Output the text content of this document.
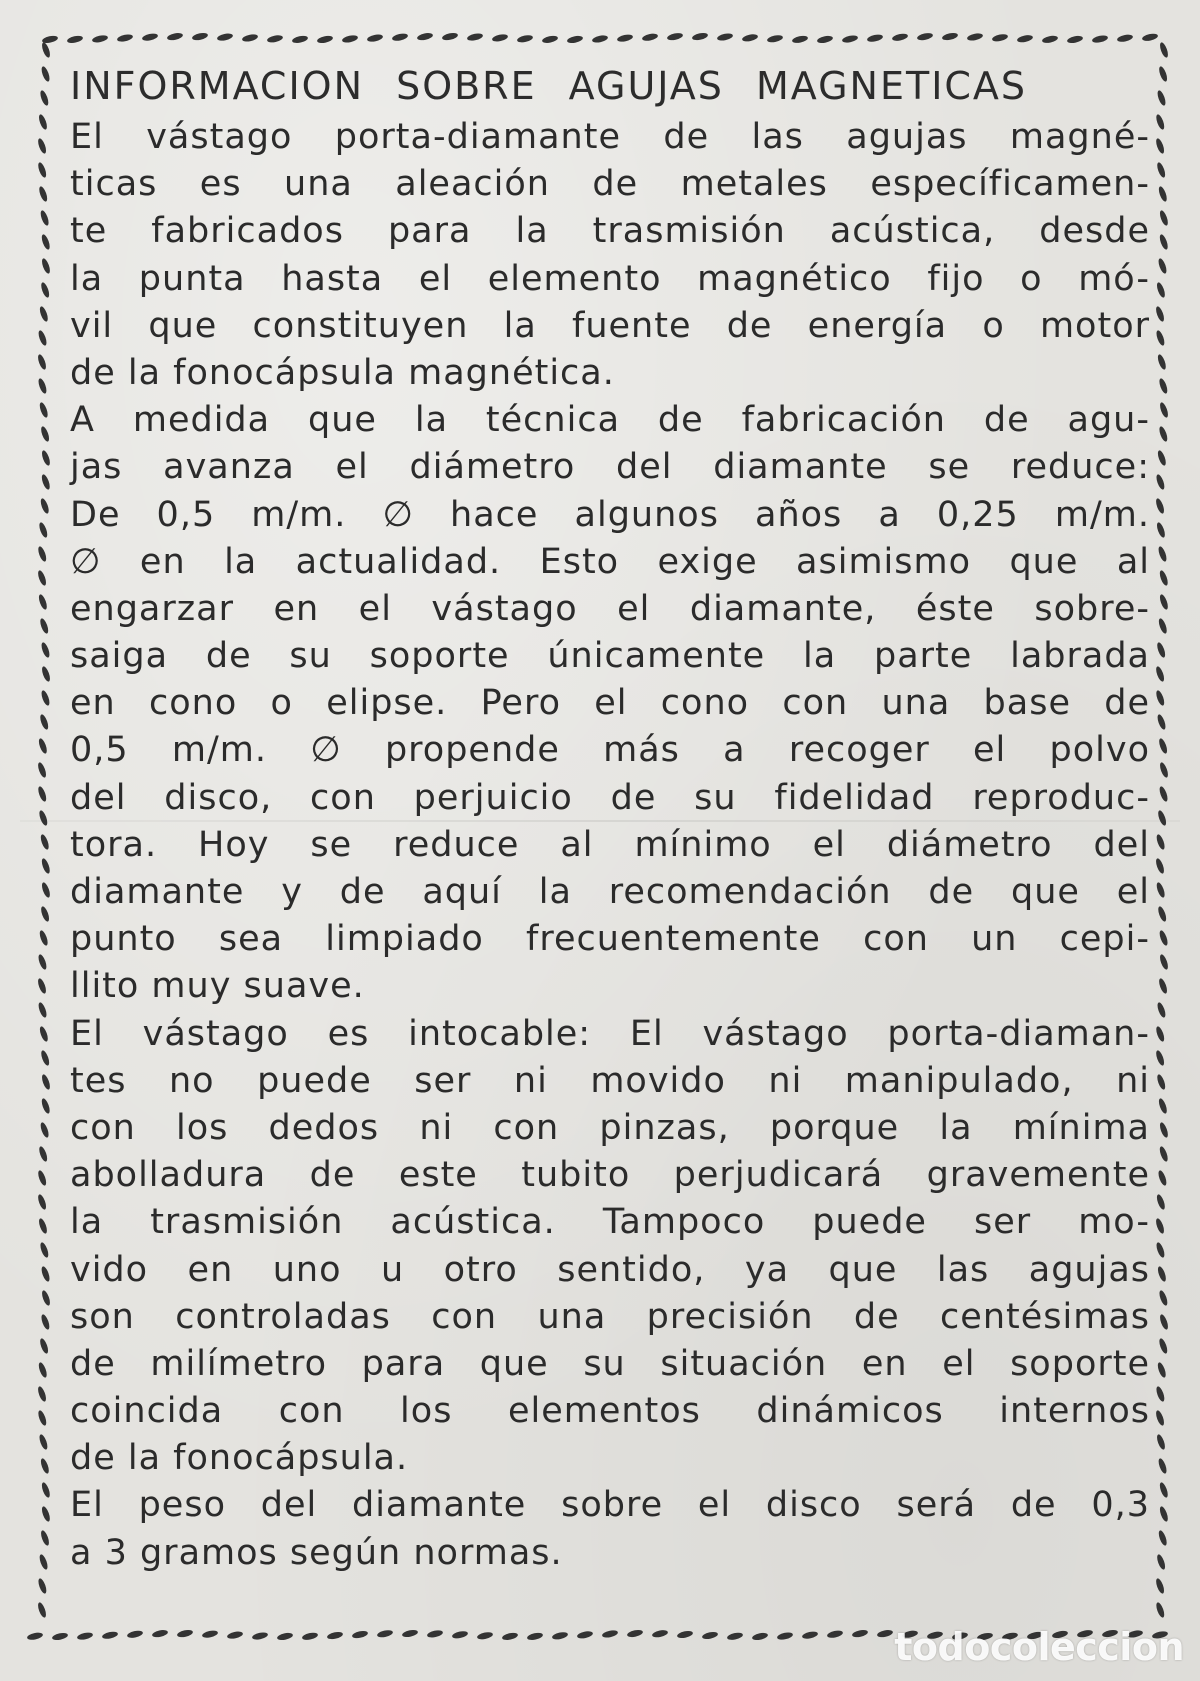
INFORMACION SOBRE AGUJAS MAGNETICAS
El vástago porta-diamante de las agujas magné-
ticas es una aleación de metales específicamen-
te fabricados para la trasmisión acústica, desde
la punta hasta el elemento magnético fijo o mó-
vil que constituyen la fuente de energía o motor
de la fonocápsula magnética.
A medida que la técnica de fabricación de agu-
jas avanza el diámetro del diamante se reduce:
De 0,5 m/m. ∅ hace algunos años a 0,25 m/m.
∅ en la actualidad. Esto exige asimismo que al
engarzar en el vástago el diamante, éste sobre-
saiga de su soporte únicamente la parte labrada
en cono o elipse. Pero el cono con una base de
0,5 m/m. ∅ propende más a recoger el polvo
del disco, con perjuicio de su fidelidad reproduc-
tora. Hoy se reduce al mínimo el diámetro del
diamante y de aquí la recomendación de que el
punto sea limpiado frecuentemente con un cepi-
llito muy suave.
El vástago es intocable: El vástago porta-diaman-
tes no puede ser ni movido ni manipulado, ni
con los dedos ni con pinzas, porque la mínima
abolladura de este tubito perjudicará gravemente
la trasmisión acústica. Tampoco puede ser mo-
vido en uno u otro sentido, ya que las agujas
son controladas con una precisión de centésimas
de milímetro para que su situación en el soporte
coincida con los elementos dinámicos internos
de la fonocápsula.
El peso del diamante sobre el disco será de 0,3
a 3 gramos según normas.
todocoleccion
